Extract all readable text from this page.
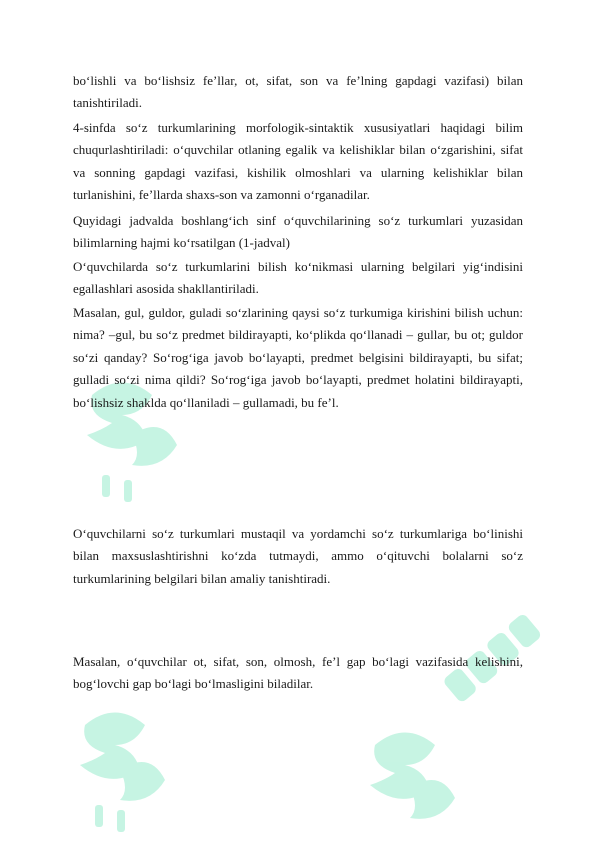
bo‘lishli va bo‘lishsiz fe’llar, ot, sifat, son va fe’lning gapdagi vazifasi) bilan tanishtiriladi.

4-sinfda so‘z turkumlarining morfologik-sintaktik xususiyatlari haqidagi bilim chuqurlashtiriladi: o‘quvchilar otlaning egalik va kelishiklar bilan o‘zgarishini, sifat va sonning gapdagi vazifasi, kishilik olmoshlari va ularning kelishiklar bilan turlanishini, fe’llarda shaxs-son va zamonni o‘rganadilar.

Quyidagi jadvalda boshlang‘ich sinf o‘quvchilarining so‘z turkumlari yuzasidan bilimlarning hajmi ko‘rsatilgan (1-jadval)

O‘quvchilarda so‘z turkumlarini bilish ko‘nikmasi ularning belgilari yig‘indisini egallashlari asosida shakllantiriladi.

Masalan, gul, guldor, guladi so‘zlarining qaysi so‘z turkumiga kirishini bilish uchun: nima? –gul, bu so‘z predmet bildirayapti, ko‘plikda qo‘llanadi – gullar, bu ot; guldor so‘zi qanday? So‘rog‘iga javob bo‘layapti, predmet belgisini bildirayapti, bu sifat; gulladi so‘zi nima qildi? So‘rog‘iga javob bo‘layapti, predmet holatini bildirayapti, bo‘lishsiz shaklda qo‘llaniladi – gullamadi, bu fe’l.

O‘quvchilarni so‘z turkumlari mustaqil va yordamchi so‘z turkumlariga bo‘linishi bilan maxsuslashtirishni ko‘zda tutmaydi, ammo o‘qituvchi bolalarni so‘z turkumlarining belgilari bilan amaliy tanishtiradi.

Masalan, o‘quvchilar ot, sifat, son, olmosh, fe’l gap bo‘lagi vazifasida kelishini, bog‘lovchi gap bo‘lagi bo‘lmasligini biladilar.
